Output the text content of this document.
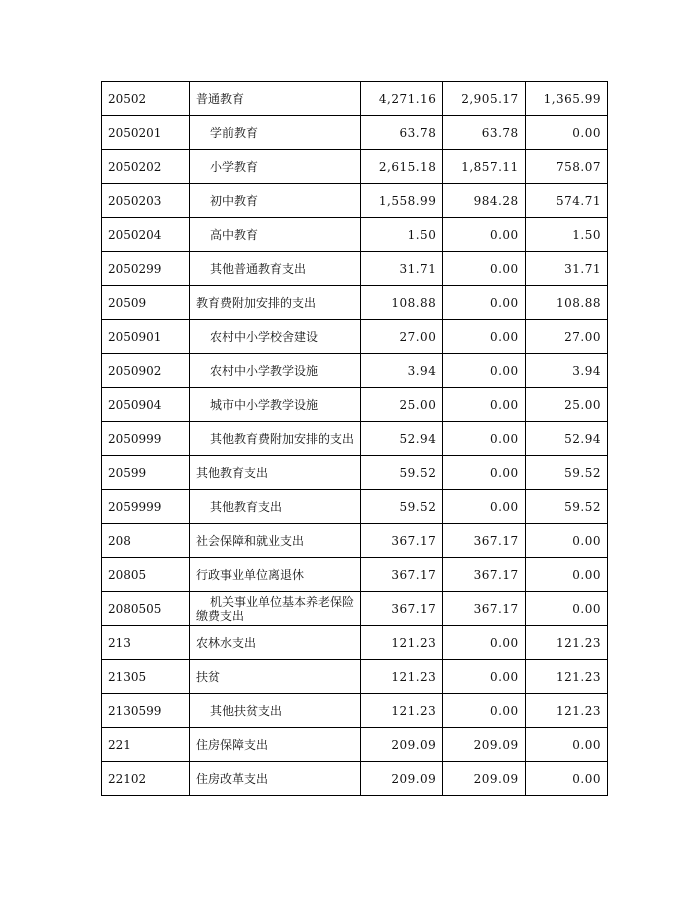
20502	普通教育	4,271.16	2,905.17	1,365.99
2050201	学前教育	63.78	63.78	0.00
2050202	小学教育	2,615.18	1,857.11	758.07
2050203	初中教育	1,558.99	984.28	574.71
2050204	高中教育	1.50	0.00	1.50
2050299	其他普通教育支出	31.71	0.00	31.71
20509	教育费附加安排的支出	108.88	0.00	108.88
2050901	农村中小学校舍建设	27.00	0.00	27.00
2050902	农村中小学教学设施	3.94	0.00	3.94
2050904	城市中小学教学设施	25.00	0.00	25.00
2050999	其他教育费附加安排的支出	52.94	0.00	52.94
20599	其他教育支出	59.52	0.00	59.52
2059999	其他教育支出	59.52	0.00	59.52
208	社会保障和就业支出	367.17	367.17	0.00
20805	行政事业单位离退休	367.17	367.17	0.00
2080505	机关事业单位基本养老保险缴费支出	367.17	367.17	0.00
213	农林水支出	121.23	0.00	121.23
21305	扶贫	121.23	0.00	121.23
2130599	其他扶贫支出	121.23	0.00	121.23
221	住房保障支出	209.09	209.09	0.00
22102	住房改革支出	209.09	209.09	0.00
